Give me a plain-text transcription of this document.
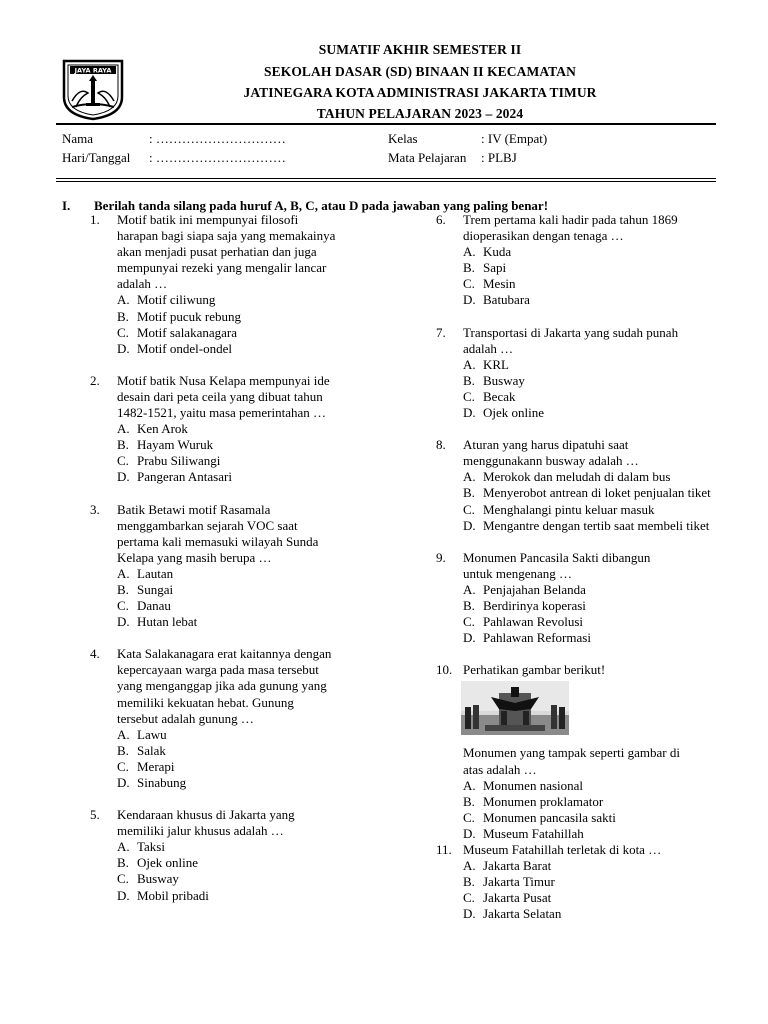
JAYA RAYA
SUMATIF AKHIR SEMESTER II
SEKOLAH DASAR (SD) BINAAN II KECAMATAN
JATINEGARA KOTA ADMINISTRASI JAKARTA TIMUR
TAHUN PELAJARAN 2023 – 2024
Nama	: …………………………
Hari/Tanggal : …………………………
Kelas	: IV (Empat)
Mata Pelajaran : PLBJ
I. Berilah tanda silang pada huruf A, B, C, atau D pada jawaban yang paling benar!
1. Motif batik ini mempunyai filosofi
harapan bagi siapa saja yang memakainya
akan menjadi pusat perhatian dan juga
mempunyai rezeki yang mengalir lancar
adalah …
A. Motif ciliwung
B. Motif pucuk rebung
C. Motif salakanagara
D. Motif ondel-ondel
2. Motif batik Nusa Kelapa mempunyai ide
desain dari peta ceila yang dibuat tahun
1482-1521, yaitu masa pemerintahan …
A. Ken Arok
B. Hayam Wuruk
C. Prabu Siliwangi
D. Pangeran Antasari
3. Batik Betawi motif Rasamala
menggambarkan sejarah VOC saat
pertama kali memasuki wilayah Sunda
Kelapa yang masih berupa …
A. Lautan
B. Sungai
C. Danau
D. Hutan lebat
4. Kata Salakanagara erat kaitannya dengan
kepercayaan warga pada masa tersebut
yang menganggap jika ada gunung yang
memiliki kekuatan hebat. Gunung
tersebut adalah gunung …
A. Lawu
B. Salak
C. Merapi
D. Sinabung
5. Kendaraan khusus di Jakarta yang
memiliki jalur khusus adalah …
A. Taksi
B. Ojek online
C. Busway
D. Mobil pribadi
6. Trem pertama kali hadir pada tahun 1869
dioperasikan dengan tenaga …
A. Kuda
B. Sapi
C. Mesin
D. Batubara
7. Transportasi di Jakarta yang sudah punah
adalah …
A. KRL
B. Busway
C. Becak
D. Ojek online
8. Aturan yang harus dipatuhi saat
menggunakann busway adalah …
A. Merokok dan meludah di dalam bus
B. Menyerobot antrean di loket penjualan tiket
C. Menghalangi pintu keluar masuk
D. Mengantre dengan tertib saat membeli tiket
9. Monumen Pancasila Sakti dibangun
untuk mengenang …
A. Penjajahan Belanda
B. Berdirinya koperasi
C. Pahlawan Revolusi
D. Pahlawan Reformasi
10. Perhatikan gambar berikut!
Monumen yang tampak seperti gambar di
atas adalah …
A. Monumen nasional
B. Monumen proklamator
C. Monumen pancasila sakti
D. Museum Fatahillah
11. Museum Fatahillah terletak di kota …
A. Jakarta Barat
B. Jakarta Timur
C. Jakarta Pusat
D. Jakarta Selatan
